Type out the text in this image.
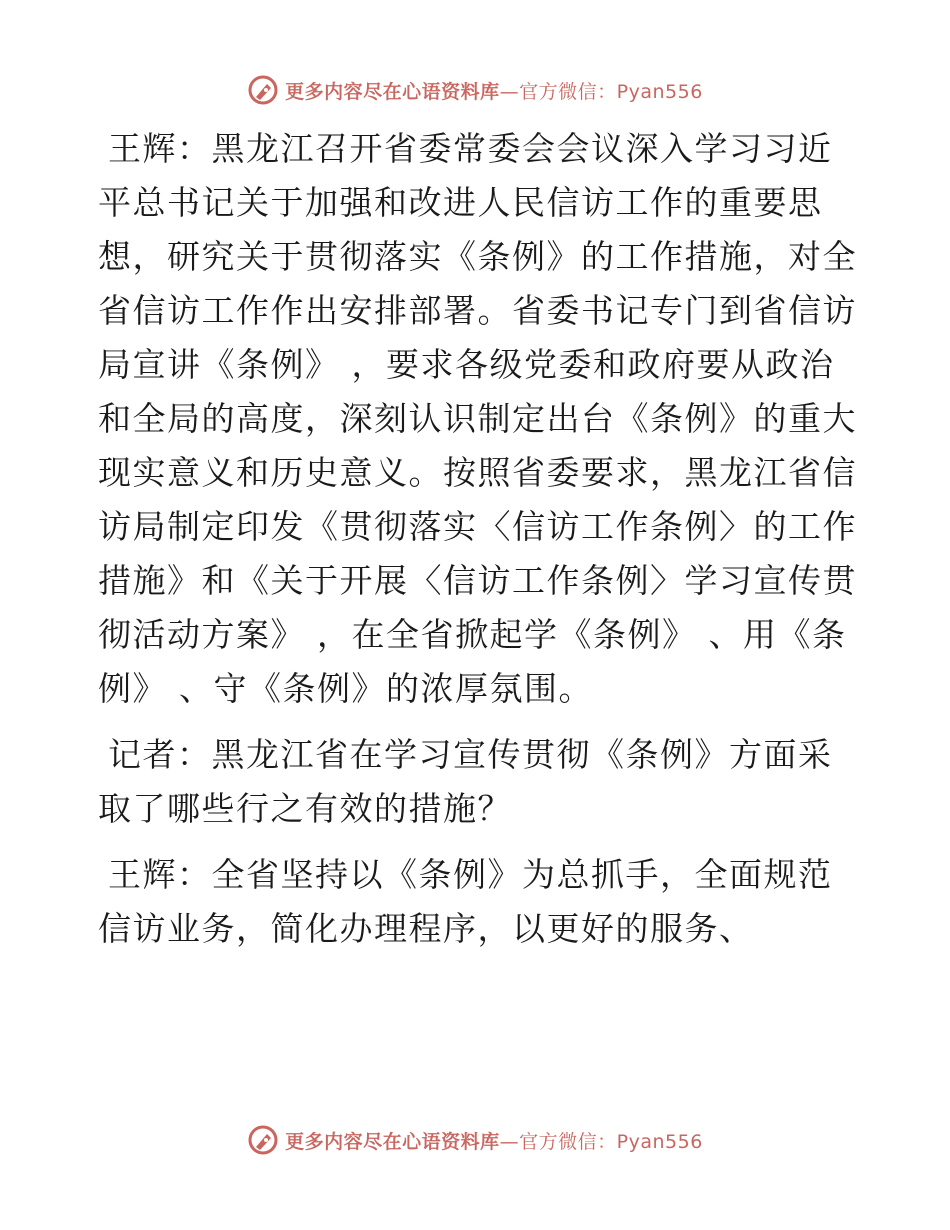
更多内容尽在心语资料库—官方微信：Pyan556

王辉：黑龙江召开省委常委会会议深入学习习近平总书记关于加强和改进人民信访工作的重要思想，研究关于贯彻落实《条例》的工作措施，对全省信访工作作出安排部署。省委书记专门到省信访局宣讲《条例》 ，要求各级党委和政府要从政治和全局的高度，深刻认识制定出台《条例》的重大现实意义和历史意义。按照省委要求，黑龙江省信访局制定印发《贯彻落实〈信访工作条例〉的工作措施》和《关于开展〈信访工作条例〉学习宣传贯彻活动方案》 ，在全省掀起学《条例》 、用《条例》 、守《条例》的浓厚氛围。

记者：黑龙江省在学习宣传贯彻《条例》方面采取了哪些行之有效的措施？

王辉：全省坚持以《条例》为总抓手，全面规范信访业务，简化办理程序，以更好的服务、

更多内容尽在心语资料库—官方微信：Pyan556
